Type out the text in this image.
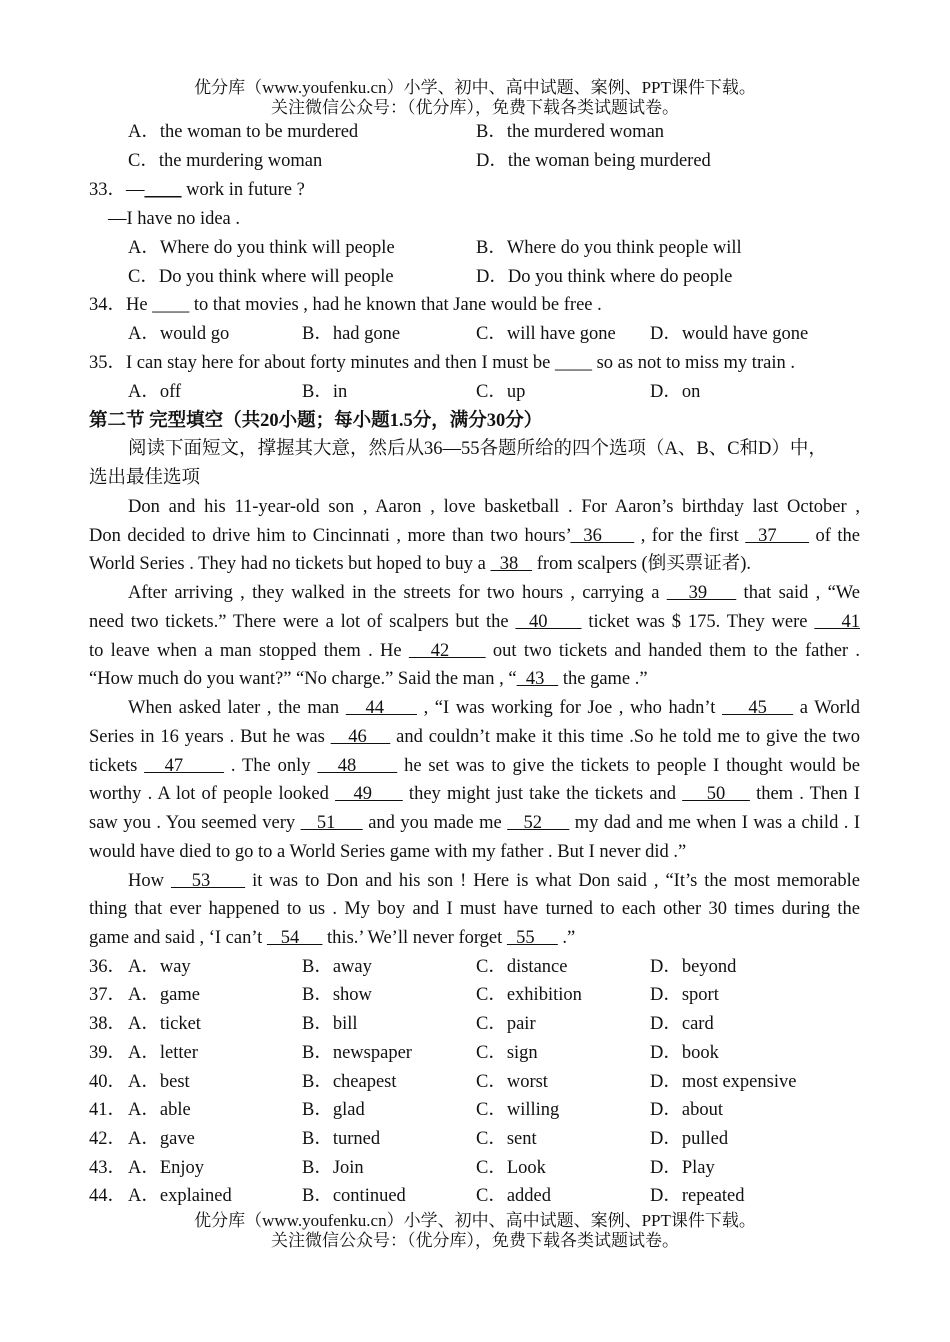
优分库（www.youfenku.cn）小学、初中、高中试题、案例、PPT课件下载。
关注微信公众号：（优分库），免费下载各类试题试卷。
A．the woman to be murdered	B．the murdered woman
C．the murdering woman	D．the woman being murdered
33．—____ work in future ?
—I have no idea .
A．Where do you think will people	B．Where do you think people will
C．Do you think where will people	D．Do you think where do people
34．He ____ to that movies , had he known that Jane would be free .
A．would go	B．had gone	C．will have gone D．would have gone
35．I can stay here for about forty minutes and then I must be ____ so as not to miss my train .
A．off	B．in	C．up	D．on
第二节 完型填空（共20小题；每小题1.5分，满分30分）
阅读下面短文，撑握其大意，然后从36—55各题所给的四个选项（A、B、C和D）中，
选出最佳选项
Don and his 11-year-old son , Aaron , love basketball . For Aaron’s birthday last October ,
Don decided to drive him to Cincinnati , more than two hours’  36      , for the first   37      of the
World Series . They had no tickets but hoped to buy a   38    from scalpers (倒买票证者).
After arriving , they walked in the streets for two hours , carrying a    39     that said , “We
need two tickets.” There were a lot of scalpers but the   40      ticket was $ 175. They were     41
to leave when a man stopped them . He    42      out two tickets and handed them to the father .
“How much do you want?” “No charge.” Said the man , “  43    the game .”
When asked later , the man    44      , “I was working for Joe , who hadn’t     45     a World
Series in 16 years . But he was    46     and couldn’t make it this time .So he told me to give the two
tickets    47       . The only    48       he set was to give the tickets to people I thought would be
worthy . A lot of people looked    49      they might just take the tickets and     50     them . Then I
saw you . You seemed very    51      and you made me    52      my dad and me when I was a child . I
would have died to go to a World Series game with my father . But I never did .”
How    53      it was to Don and his son ! Here is what Don said , “It’s the most memorable
thing that ever happened to us . My boy and I must have turned to each other 30 times during the
game and said , ‘I can’t    54      this.’ We’ll never forget   55      .”
36． A．way	B．away	C．distance	D．beyond
37． A．game	B．show	C．exhibition	D．sport
38． A．ticket	B．bill	C．pair	D．card
39． A．letter	B．newspaper	C．sign	D．book
40． A．best	B．cheapest	C．worst	D．most expensive
41． A．able	B．glad	C．willing	D．about
42． A．gave	B．turned	C．sent	D．pulled
43． A．Enjoy	B．Join	C．Look	D．Play
44． A．explained	B．continued	C．added	D．repeated
优分库（www.youfenku.cn）小学、初中、高中试题、案例、PPT课件下载。
关注微信公众号：（优分库），免费下载各类试题试卷。
